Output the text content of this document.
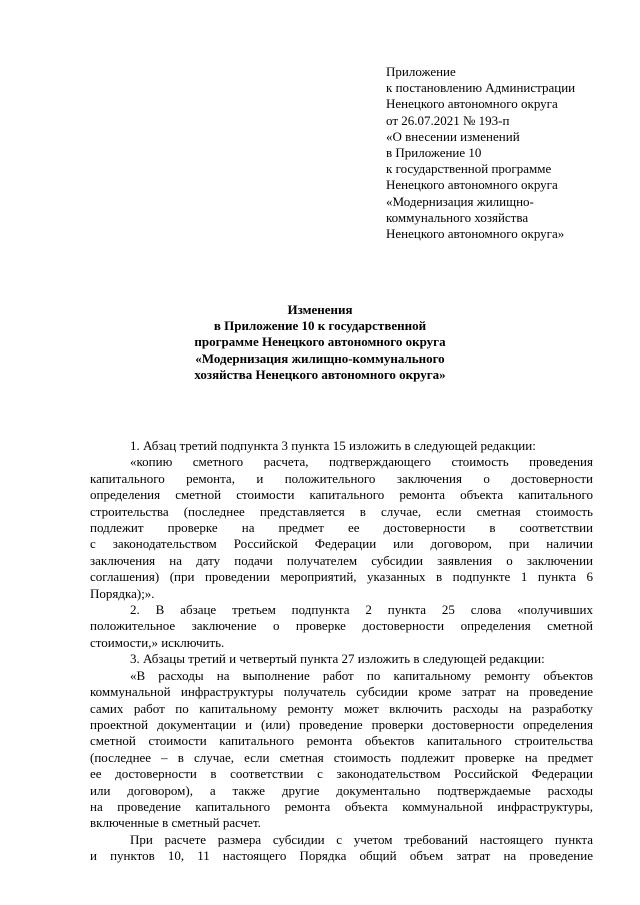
Приложение
к постановлению Администрации
Ненецкого автономного округа
от 26.07.2021 № 193-п
«О внесении изменений
в Приложение 10
к государственной программе
Ненецкого автономного округа
«Модернизация жилищно-
коммунального хозяйства
Ненецкого автономного округа»
Изменения
в Приложение 10 к государственной
программе Ненецкого автономного округа
«Модернизация жилищно-коммунального
хозяйства Ненецкого автономного округа»
1. Абзац третий подпункта 3 пункта 15 изложить в следующей редакции:
«копию сметного расчета, подтверждающего стоимость проведения
капитального ремонта, и положительного заключения о достоверности
определения сметной стоимости капитального ремонта объекта капитального
строительства (последнее представляется в случае, если сметная стоимость
подлежит проверке на предмет ее достоверности в соответствии
с законодательством Российской Федерации или договором, при наличии
заключения на дату подачи получателем субсидии заявления о заключении
соглашения) (при проведении мероприятий, указанных в подпункте 1 пункта 6
Порядка);».
2. В абзаце третьем подпункта 2 пункта 25 слова «получивших
положительное заключение о проверке достоверности определения сметной
стоимости,» исключить.
3. Абзацы третий и четвертый пункта 27 изложить в следующей редакции:
«В расходы на выполнение работ по капитальному ремонту объектов
коммунальной инфраструктуры получатель субсидии кроме затрат на проведение
самих работ по капитальному ремонту может включить расходы на разработку
проектной документации и (или) проведение проверки достоверности определения
сметной стоимости капитального ремонта объектов капитального строительства
(последнее – в случае, если сметная стоимость подлежит проверке на предмет
ее достоверности в соответствии с законодательством Российской Федерации
или договором), а также другие документально подтверждаемые расходы
на проведение капитального ремонта объекта коммунальной инфраструктуры,
включенные в сметный расчет.
При расчете размера субсидии с учетом требований настоящего пункта
и пунктов 10, 11 настоящего Порядка общий объем затрат на проведение
